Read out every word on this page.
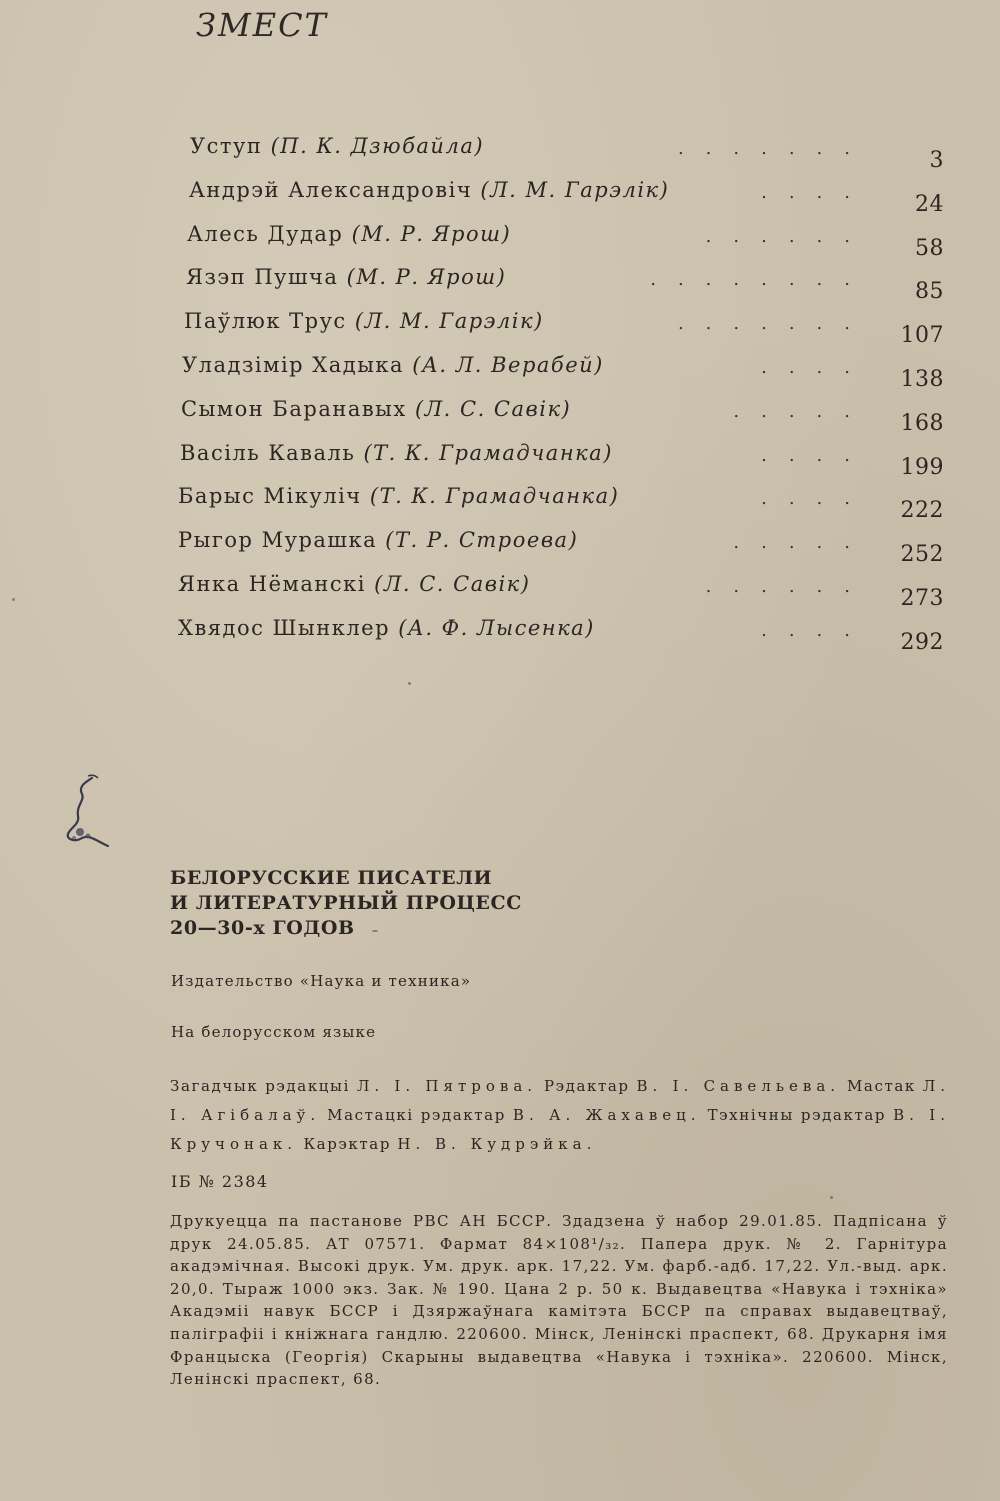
ЗМЕСТ
Уступ (П. К. Дзюбайла)	.......	3
Андрэй Александровіч (Л. М. Гарэлік)	.... 24
Алесь Дудар (М. Р. Ярош)	...... 58
Язэп Пушча (М. Р. Ярош)	........ 85
Паўлюк Трус (Л. М. Гарэлік)	....... 107
Уладзімір Хадыка (А. Л. Верабей)	.... 138
Сымон Баранавых (Л. С. Савік)	..... 168
Васіль Каваль (Т. К. Грамадчанка)	.... 199
Барыс Мікуліч (Т. К. Грамадчанка)	.... 222
Рыгор Мурашка (Т. Р. Строева)	..... 252
Янка Нёманскі (Л. С. Савік)	...... 273
Хвядос Шынклер (А. Ф. Лысенка)	.... 292
БЕЛОРУССКИЕ ПИСАТЕЛИ
И ЛИТЕРАТУРНЫЙ ПРОЦЕСС
20—30-х ГОДОВ
Издательство «Наука и техника»
На белорусском языке
Загадчык рэдакцыі Л. І. Пятрова. Рэдактар В. І. Савельева. Мастак Л. І. Агібалаў. Мастацкі рэдактар В. А. Жахавец. Тэхнічны рэдактар В. І. Кручонак. Карэктар Н. В. Кудрэйка.
ІБ № 2384
Друкуецца па пастанове РВС АН БССР. Здадзена ў набор 29.01.85. Падпісана ў друк 24.05.85. АТ 07571. Фармат 84×108¹/₃₂. Папера друк. № 2. Гарнітура акадэмічная. Высокі друк. Ум. друк. арк. 17,22. Ум. фарб.-адб. 17,22. Ул.-выд. арк. 20,0. Тыраж 1000 экз. Зак. № 190. Цана 2 р. 50 к. Выдавецтва «Навука і тэхніка» Акадэміі навук БССР і Дзяржаўнага камітэта БССР па справах выдавецтваў, паліграфіі і кніжнага гандлю. 220600. Мінск, Ленінскі праспект, 68. Друкарня імя Францыска (Георгія) Скарыны выдавецтва «Навука і тэхніка». 220600. Мінск, Ленінскі праспект, 68.
